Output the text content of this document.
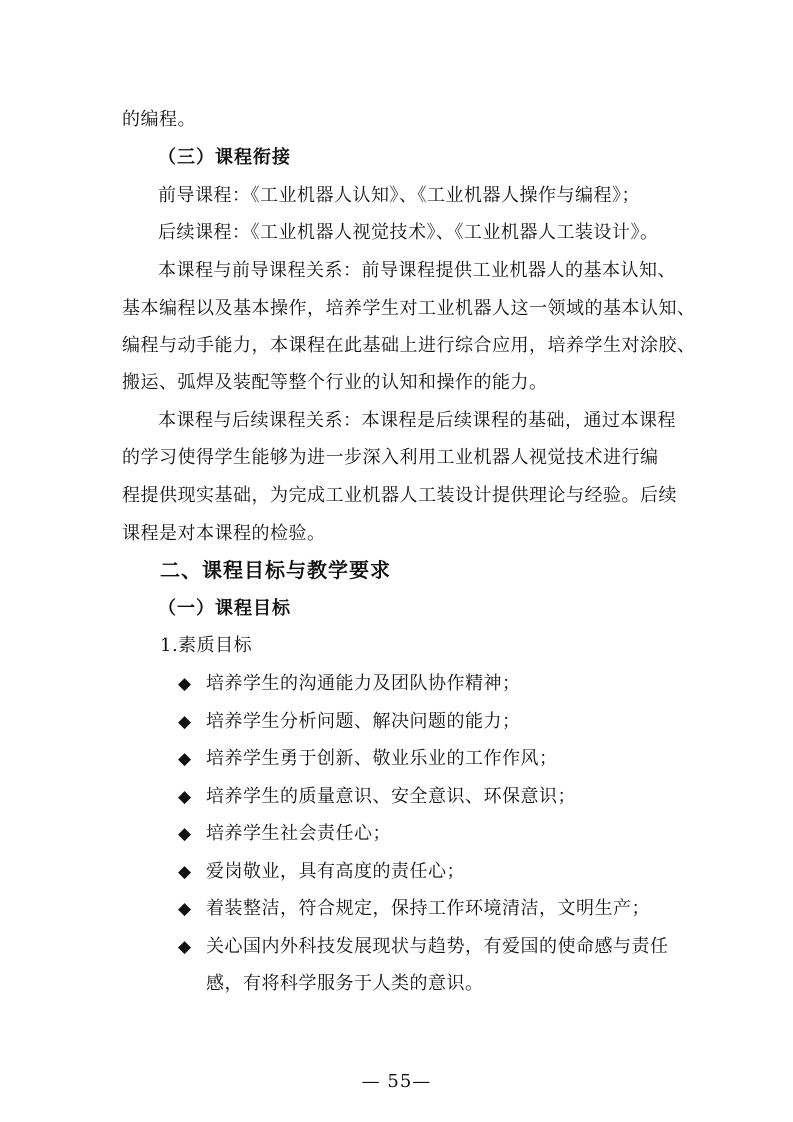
的编程。
（三）课程衔接
前导课程：《工业机器人认知》、《工业机器人操作与编程》；
后续课程：《工业机器人视觉技术》、《工业机器人工装设计》。
本课程与前导课程关系：前导课程提供工业机器人的基本认知、
基本编程以及基本操作，培养学生对工业机器人这一领域的基本认知、
编程与动手能力，本课程在此基础上进行综合应用，培养学生对涂胶、
搬运、弧焊及装配等整个行业的认知和操作的能力。
本课程与后续课程关系：本课程是后续课程的基础，通过本课程
的学习使得学生能够为进一步深入利用工业机器人视觉技术进行编
程提供现实基础，为完成工业机器人工装设计提供理论与经验。后续
课程是对本课程的检验。
二、课程目标与教学要求
（一）课程目标
1.素质目标
◆ 培养学生的沟通能力及团队协作精神；
◆ 培养学生分析问题、解决问题的能力；
◆ 培养学生勇于创新、敬业乐业的工作作风；
◆ 培养学生的质量意识、安全意识、环保意识；
◆ 培养学生社会责任心；
◆ 爱岗敬业，具有高度的责任心；
◆ 着装整洁，符合规定，保持工作环境清洁，文明生产；
◆ 关心国内外科技发展现状与趋势，有爱国的使命感与责任
感，有将科学服务于人类的意识。
— 55—
